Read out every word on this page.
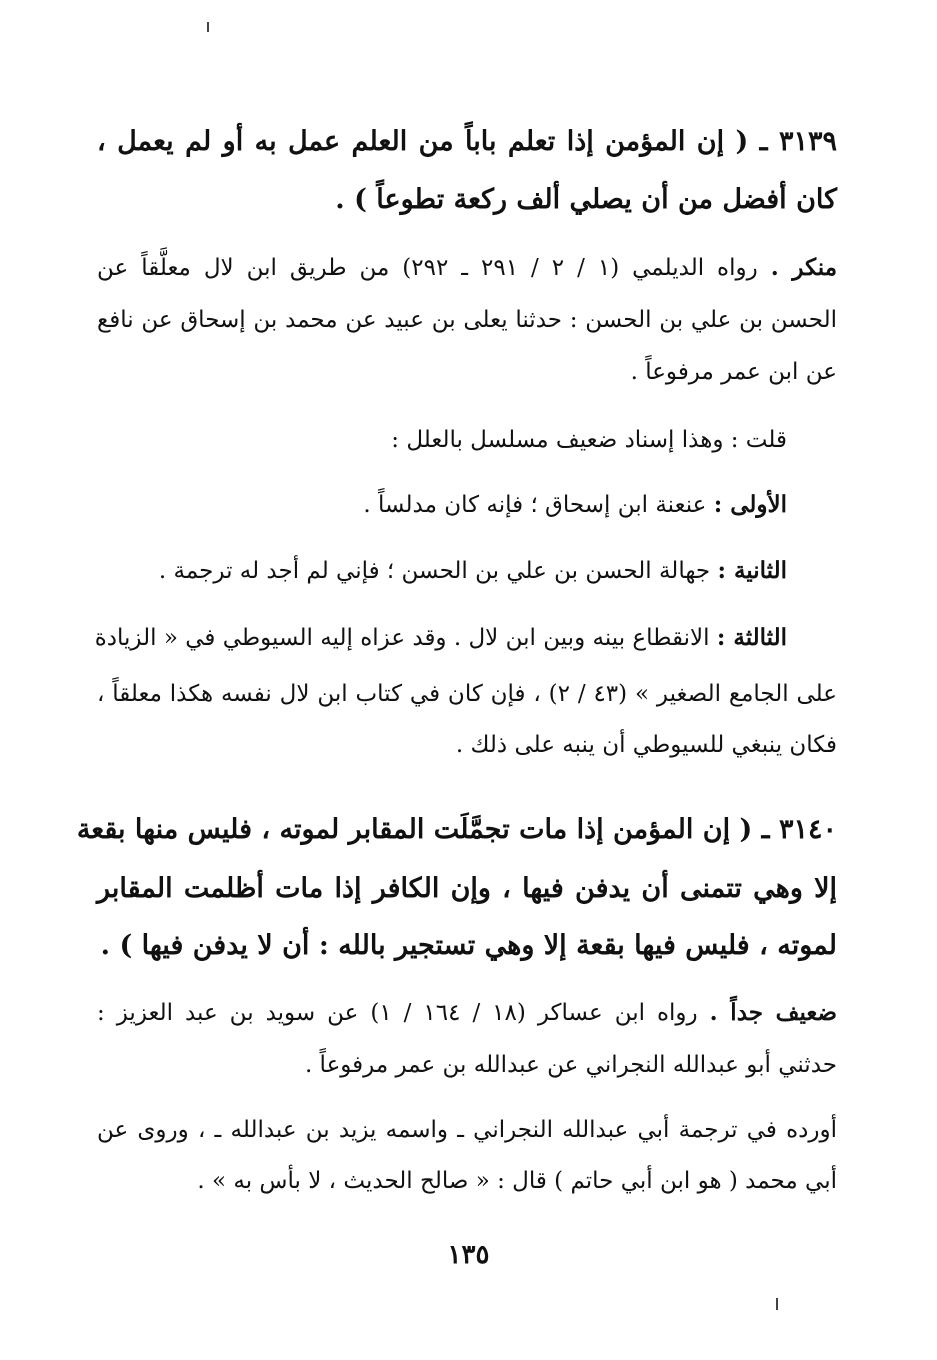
٣١٣٩ ـ ( إن المؤمن إذا تعلم باباً من العلم عمل به أو لم يعمل ،
كان أفضل من أن يصلي ألف ركعة تطوعاً ) .
منكر . رواه الديلمي (١ / ٢ / ٢٩١ ـ ٢٩٢) من طريق ابن لال معلَّقاً عن
الحسن بن علي بن الحسن : حدثنا يعلى بن عبيد عن محمد بن إسحاق عن نافع
عن ابن عمر مرفوعاً .
قلت : وهذا إسناد ضعيف مسلسل بالعلل :
الأولى : عنعنة ابن إسحاق ؛ فإنه كان مدلساً .
الثانية : جهالة الحسن بن علي بن الحسن ؛ فإني لم أجد له ترجمة .
الثالثة : الانقطاع بينه وبين ابن لال . وقد عزاه إليه السيوطي في « الزيادة
على الجامع الصغير » (٤٣ / ٢) ، فإن كان في كتاب ابن لال نفسه هكذا معلقاً ،
فكان ينبغي للسيوطي أن ينبه على ذلك .
٣١٤٠ ـ ( إن المؤمن إذا مات تجمَّلَت المقابر لموته ، فليس منها بقعة
إلا وهي تتمنى أن يدفن فيها ، وإن الكافر إذا مات أظلمت المقابر
لموته ، فليس فيها بقعة إلا وهي تستجير بالله : أن لا يدفن فيها ) .
ضعيف جداً . رواه ابن عساكر (١٨ / ١٦٤ / ١) عن سويد بن عبد العزيز :
حدثني أبو عبدالله النجراني عن عبدالله بن عمر مرفوعاً .
أورده في ترجمة أبي عبدالله النجراني ـ واسمه يزيد بن عبدالله ـ ، وروى عن
أبي محمد ( هو ابن أبي حاتم ) قال : « صالح الحديث ، لا بأس به » .
١٣٥
